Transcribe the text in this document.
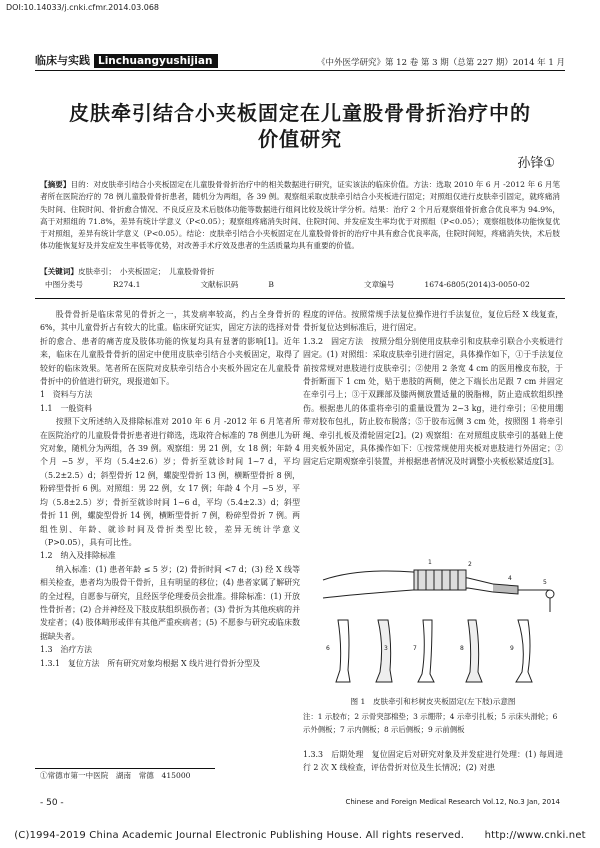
DOI:10.14033/j.cnki.cfmr.2014.03.068
临床与实践 Linchuangyushijian	《中外医学研究》第 12 卷 第 3 期（总第 227 期）2014 年 1 月
皮肤牵引结合小夹板固定在儿童股骨骨折治疗中的
价值研究
孙锋①
【摘要】目的：对皮肤牵引结合小夹板固定在儿童股骨骨折治疗中的相关数据进行研究，证实该法的临床价值。方法：选取 2010 年 6 月 -2012 年 6 月笔者所在医院治疗的 78 例儿童股骨骨折患者，随机分为两组，各 39 例。观察组采取皮肤牵引结合小夹板进行固定；对照组仅进行皮肤牵引固定，就疼痛消失时间、住院时间、骨折愈合情况、不良反应及术后肢体功能等数据进行组间比较及统计学分析。结果：治疗 2 个月后观察组骨折愈合优良率为 94.9%，高于对照组的 71.8%，差异有统计学意义（P<0.05）；观察组疼痛消失时间、住院时间、并发症发生率均优于对照组（P<0.05）；观察组肢体功能恢复优于对照组，差异有统计学意义（P<0.05）。结论：皮肤牵引结合小夹板固定在儿童股骨骨折的治疗中具有愈合优良率高，住院时间短，疼痛消失快，术后肢体功能恢复好及并发症发生率低等优势，对改善手术疗效及患者的生活质量均具有重要的价值。
【关键词】皮肤牵引；　小夹板固定；　儿童股骨骨折
中图分类号	R274.1	文献标识码	B	文章编号	1674-6805(2014)3-0050-02

股骨骨折是临床常见的骨折之一，其发病率较高，约占全身骨折的 6%，其中儿童骨折占有较大的比重。临床研究证实，固定方法的选择对骨折的愈合、患者的痛苦度及肢体功能的恢复均具有显著的影响[1]。近年来，临床在儿童股骨骨折的固定中使用皮肤牵引结合小夹板固定，取得了较好的临床效果。笔者所在医院对皮肤牵引结合小夹板外固定在儿童股骨骨折中的价值进行研究，现报道如下。

1　资料与方法

1.1　一般资料

按照下文所述纳入及排除标准对 2010 年 6 月 -2012 年 6 月笔者所在医院治疗的儿童股骨骨折患者进行筛选，选取符合标准的 78 例患儿为研究对象，随机分为两组，各 39 例。观察组：男 21 例，女 18 例；年龄 4 个月 ~5 岁，平均（5.4±2.6）岁；骨折至就诊时间 1~7 d，平均（5.2±2.5）d；斜型骨折 12 例，螺旋型骨折 13 例，横断型骨折 8 例，粉碎型骨折 6 例。对照组：男 22 例，女 17 例；年龄 4 个月 ~5 岁，平均（5.8±2.5）岁；骨折至就诊时间 1~6 d，平均（5.4±2.3）d；斜型骨折 11 例，螺旋型骨折 14 例，横断型骨折 7 例，粉碎型骨折 7 例。两组性别、年龄、就诊时间及骨折类型比较，差异无统计学意义（P>0.05），具有可比性。

1.2　纳入及排除标准

纳入标准：(1) 患者年龄 ≤ 5 岁；(2) 骨折时间 <7 d；(3) 经 X 线等相关检查，患者均为股骨干骨折，且有明显的移位；(4) 患者家属了解研究的全过程，自愿参与研究，且经医学伦理委员会批准。排除标准：(1) 开放性骨折者；(2) 合并神经及下肢皮肤组织损伤者；(3) 骨折为其他疾病的并发症者；(4) 肢体畸形或伴有其他严重疾病者；(5) 不愿参与研究或临床数据缺失者。

1.3　治疗方法

1.3.1　复位方法　所有研究对象均根据 X 线片进行骨折分型及

程度的评估。按照常规手法复位操作进行手法复位，复位后经 X 线复查，骨折复位达到标准后，进行固定。

1.3.2　固定方法　按照分组分别使用皮肤牵引和皮肤牵引联合小夹板进行固定。(1) 对照组：采取皮肤牵引进行固定，具体操作如下，①于手法复位前按常规对患肢进行皮肤牵引；②使用 2 条宽 4 cm 的医用橡皮布胶，于骨折断面下 1 cm 处，贴于患肢的两侧，使之下端长出足跟 7 cm 并固定在牵引弓上；③于双踝部及膝两侧放置适量的脱脂棉，防止造成软组织挫伤。根据患儿的体重将牵引的重量设置为 2~3 kg，进行牵引；④使用绷带对胶布包扎，防止胶布脱落；⑤于胶布远侧 3 cm 处，按照图 1 将牵引绳、牵引扎板及滑轮固定[2]。(2) 观察组：在对照组皮肤牵引的基础上使用夹板外固定，具体操作如下：①按常规使用夹板对患肢进行外固定；②固定后定期观察牵引装置，并根据患者情况及时调整小夹板松紧适度[3]。

1	2
3
4
5
6	7	8	9
图 1　皮肤牵引和杉树皮夹板固定(左下肢)示意图
注：1 示胶布；2 示骨突部棉垫；3 示绷带；4 示牵引扎板；5 示床头滑轮；6 示外侧板；7 示内侧板；8 示后侧板；9 示前侧板

1.3.3　后期处理　复位固定后对研究对象及并发症进行处理：(1) 每周进行 2 次 X 线检查，评估骨折对位及生长情况；(2) 对患

①常德市第一中医院　湖南　常德　415000
- 50 -	Chinese and Foreign Medical Research Vol.12, No.3 Jan, 2014
(C)1994-2019 China Academic Journal Electronic Publishing House. All rights reserved.　　http://www.cnki.net
